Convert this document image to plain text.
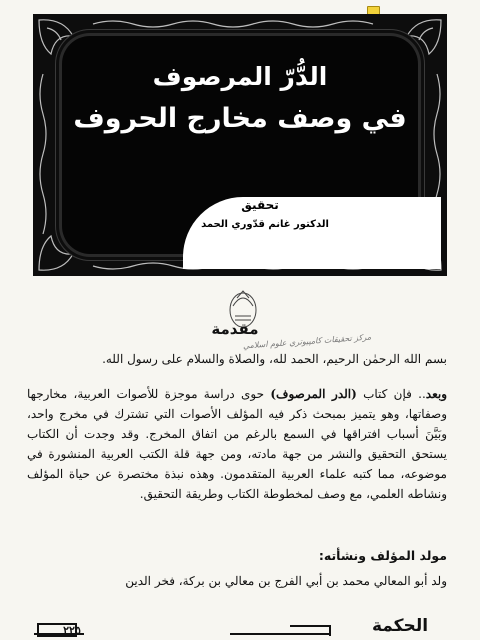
الدُّرّ المرصوف
في وصف مخارج الحروف
تحقيق
الدكتور غانم قدّوري الحمد
مقدمة
مركز تحقيقات كامپيوتري علوم اسلامي

بسم الله الرحمٰن الرحيم، الحمد لله، والصلاة والسلام على رسول الله.

وبعد.. فإن كتاب (الدر المرصوف) حوى دراسة موجزة للأصوات العربية، مخارجها وصفاتها، وهو يتميز بمبحث ذكر فيه المؤلف الأصوات التي تشترك في مخرج واحد، وبَيَّنَ أسباب افتراقها في السمع بالرغم من اتفاق المخرج. وقد وجدت أن الكتاب يستحق التحقيق والنشر من جهة مادته، ومن جهة قلة الكتب العربية المنشورة في موضوعه، مما كتبه علماء العربية المتقدمون. وهذه نبذة مختصرة عن حياة المؤلف ونشاطه العلمي، مع وصف لمخطوطة الكتاب وطريقة التحقيق.

مولد المؤلف ونشأته:

ولد أبو المعالي محمد بن أبي الفرج بن معالي بن بركة، فخر الدين

٢٢٥	الحكمة
